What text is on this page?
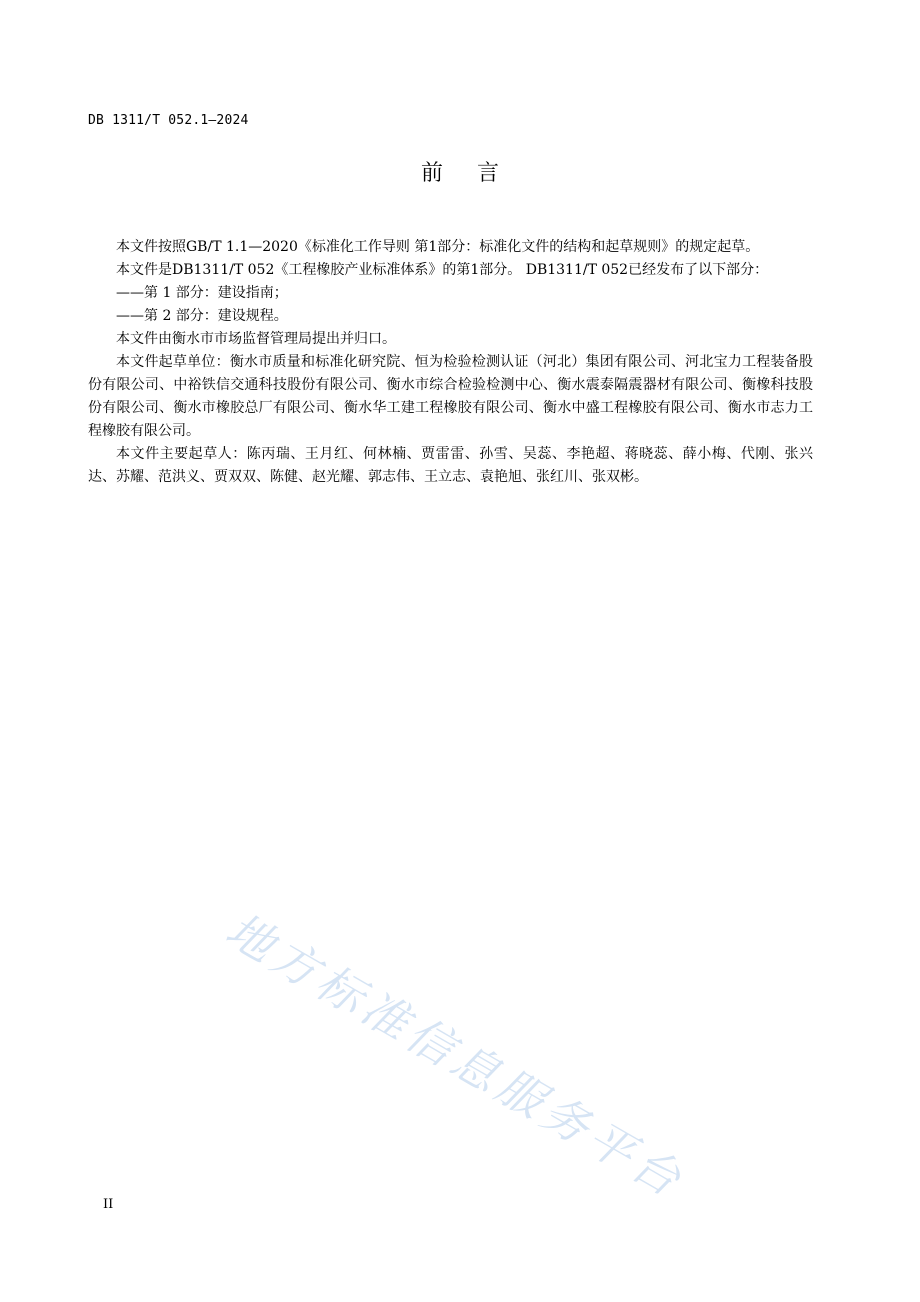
DB 1311/T 052.1—2024
前言

本文件按照GB/T 1.1—2020《标准化工作导则 第1部分：标准化文件的结构和起草规则》的规定起草。

本文件是DB1311/T 052《工程橡胶产业标准体系》的第1部分。 DB1311/T 052已经发布了以下部分：

——第 1 部分：建设指南；

——第 2 部分：建设规程。

本文件由衡水市市场监督管理局提出并归口。

本文件起草单位：衡水市质量和标准化研究院、恒为检验检测认证（河北）集团有限公司、河北宝力工程装备股份有限公司、中裕铁信交通科技股份有限公司、衡水市综合检验检测中心、衡水震泰隔震器材有限公司、衡橡科技股份有限公司、衡水市橡胶总厂有限公司、衡水华工建工程橡胶有限公司、衡水中盛工程橡胶有限公司、衡水市志力工程橡胶有限公司。

本文件主要起草人：陈丙瑞、王月红、何林楠、贾雷雷、孙雪、吴蕊、李艳超、蒋晓蕊、薛小梅、代刚、张兴达、苏耀、范洪义、贾双双、陈健、赵光耀、郭志伟、王立志、袁艳旭、张红川、张双彬。

地方标准信息服务平台
II
